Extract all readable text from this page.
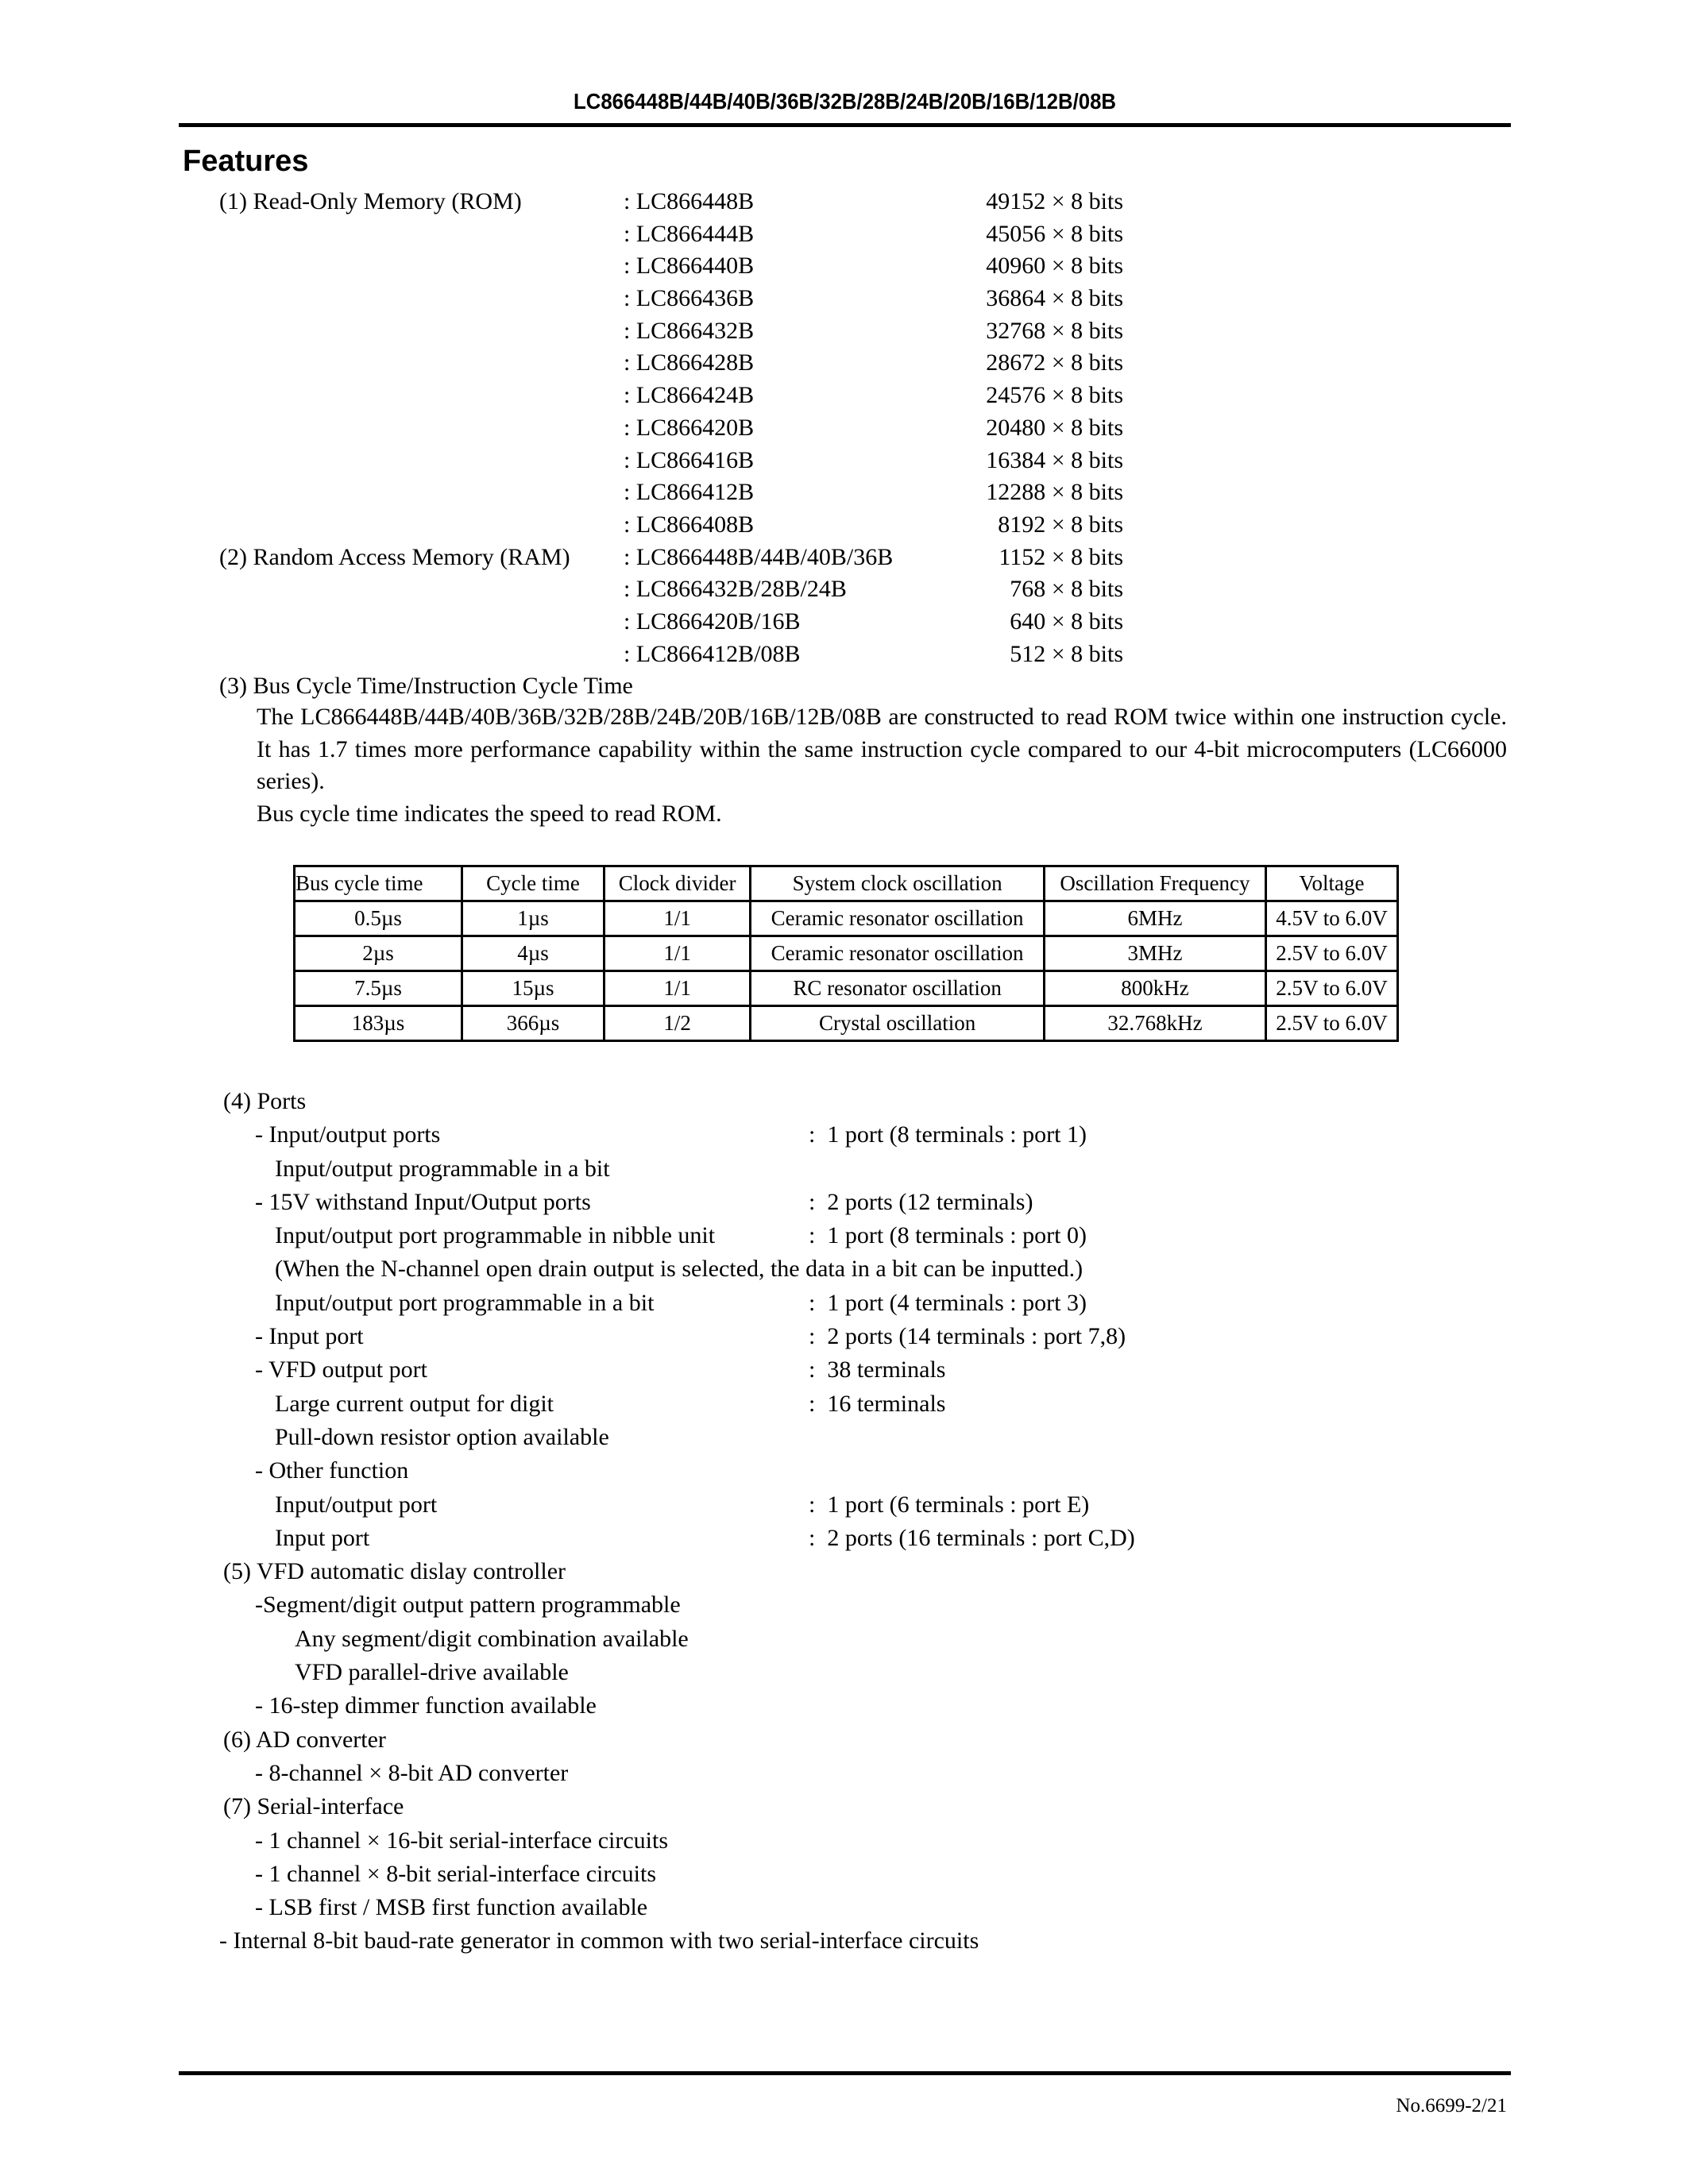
LC866448B/44B/40B/36B/32B/28B/24B/20B/16B/12B/08B
Features
(1) Read-Only Memory (ROM)	: LC866448B	49152 × 8 bits
: LC866444B	45056 × 8 bits
: LC866440B	40960 × 8 bits
: LC866436B	36864 × 8 bits
: LC866432B	32768 × 8 bits
: LC866428B	28672 × 8 bits
: LC866424B	24576 × 8 bits
: LC866420B	20480 × 8 bits
: LC866416B	16384 × 8 bits
: LC866412B	12288 × 8 bits
: LC866408B	8192 × 8 bits
(2) Random Access Memory (RAM) : LC866448B/44B/40B/36B	1152 × 8 bits
: LC866432B/28B/24B	768 × 8 bits
: LC866420B/16B	640 × 8 bits
: LC866412B/08B	512 × 8 bits
(3) Bus Cycle Time/Instruction Cycle Time
The LC866448B/44B/40B/36B/32B/28B/24B/20B/16B/12B/08B are constructed to read ROM twice within one instruction cycle. It has 1.7 times more performance capability within the same instruction cycle compared to our 4-bit microcomputers (LC66000 series).
Bus cycle time indicates the speed to read ROM.
Bus cycle time	Cycle time	Clock divider	System clock oscillation	Oscillation Frequency	Voltage
0.5µs	1µs	1/1	Ceramic resonator oscillation	6MHz	4.5V to 6.0V
2µs	4µs	1/1	Ceramic resonator oscillation	3MHz	2.5V to 6.0V
7.5µs	15µs	1/1	RC resonator oscillation	800kHz	2.5V to 6.0V
183µs	366µs	1/2	Crystal oscillation	32.768kHz	2.5V to 6.0V
(4) Ports
- Input/output ports	:  1 port (8 terminals : port 1)
Input/output programmable in a bit
- 15V withstand Input/Output ports	:  2 ports (12 terminals)
Input/output port programmable in nibble unit	:  1 port (8 terminals : port 0)
(When the N-channel open drain output is selected, the data in a bit can be inputted.)
Input/output port programmable in a bit	:  1 port (4 terminals : port 3)
- Input port	:  2 ports (14 terminals : port 7,8)
- VFD output port	:  38 terminals
Large current output for digit	:  16 terminals
Pull-down resistor option available
- Other function
Input/output port	:  1 port (6 terminals : port E)
Input port	:  2 ports (16 terminals : port C,D)
(5) VFD automatic dislay controller
-Segment/digit output pattern programmable
Any segment/digit combination available
VFD parallel-drive available
- 16-step dimmer function available
(6) AD converter
- 8-channel × 8-bit AD converter
(7) Serial-interface
- 1 channel × 16-bit serial-interface circuits
- 1 channel × 8-bit serial-interface circuits
- LSB first / MSB first function available
- Internal 8-bit baud-rate generator in common with two serial-interface circuits
No.6699-2/21
